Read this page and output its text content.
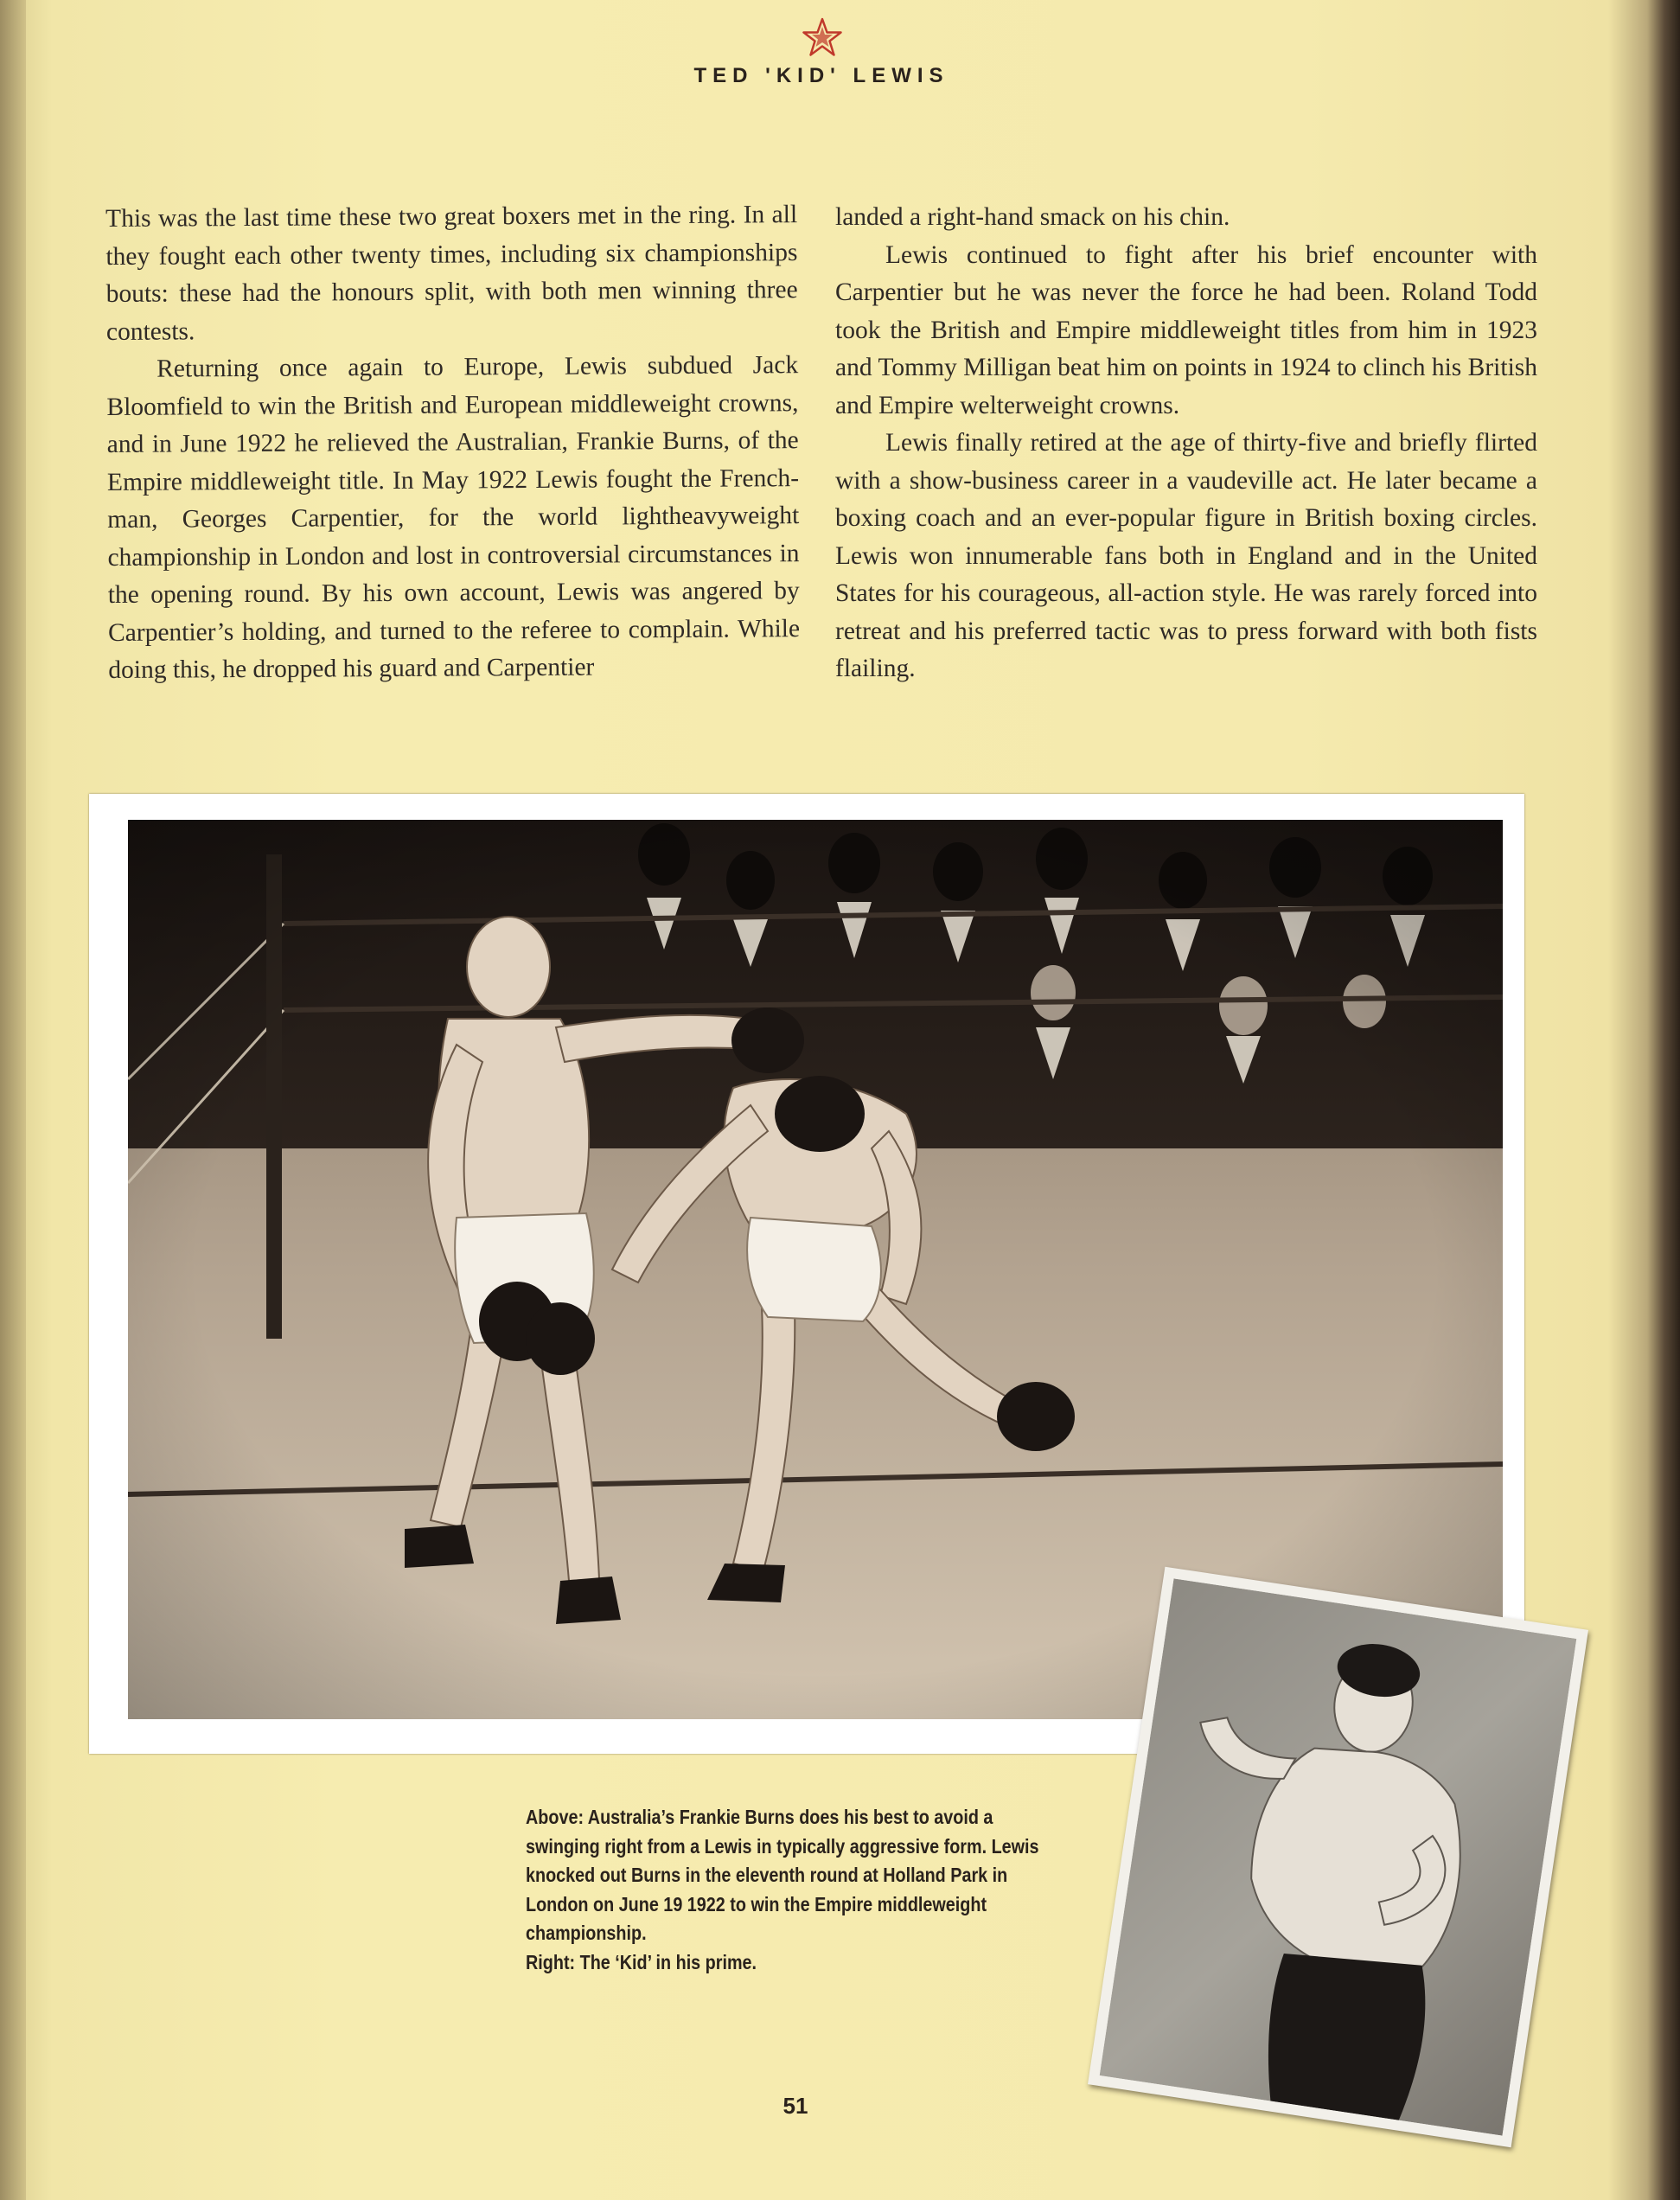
TED 'KID' LEWIS

This was the last time these two great boxers met in the ring. In all they fought each other twenty times, including six championships bouts: these had the honours split, with both men winning three contests.

Returning once again to Europe, Lewis subdued Jack Bloomfield to win the British and European middleweight crowns, and in June 1922 he relieved the Australian, Frankie Burns, of the Empire middleweight title. In May 1922 Lewis fought the Frenchman, Georges Carpentier, for the world lightheavyweight championship in London and lost in controversial circumstances in the opening round. By his own account, Lewis was angered by Carpentier’s holding, and turned to the referee to complain. While doing this, he dropped his guard and Carpentier

landed a right-hand smack on his chin.

Lewis continued to fight after his brief encounter with Carpentier but he was never the force he had been. Roland Todd took the British and Empire middleweight titles from him in 1923 and Tommy Milligan beat him on points in 1924 to clinch his British and Empire welterweight crowns.

Lewis finally retired at the age of thirty-five and briefly flirted with a show-business career in a vaudeville act. He later became a boxing coach and an ever-popular figure in British boxing circles. Lewis won innumerable fans both in England and in the United States for his courageous, all-action style. He was rarely forced into retreat and his preferred tactic was to press forward with both fists flailing.

Above: Australia’s Frankie Burns does his best to avoid a swinging right from a Lewis in typically aggressive form. Lewis knocked out Burns in the eleventh round at Holland Park in London on June 19 1922 to win the Empire middleweight championship.

Right: The ‘Kid’ in his prime.

51
